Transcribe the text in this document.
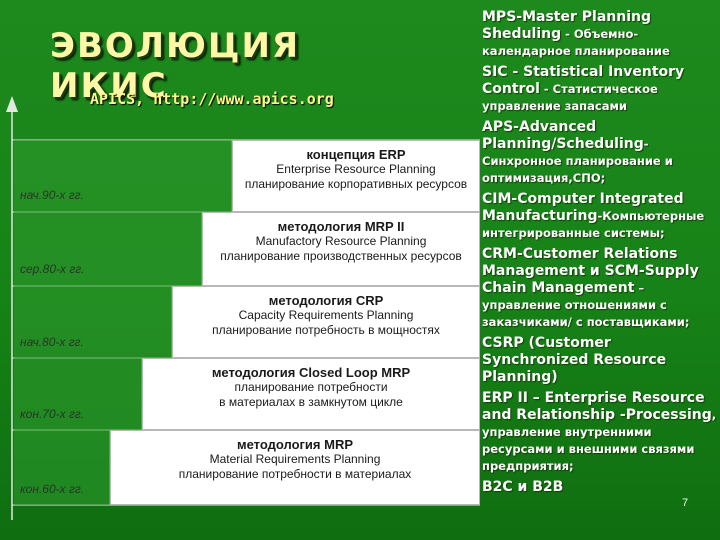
ЭВОЛЮЦИЯ ИКИС
APICS, http://www.apics.org
концепция ERP
Enterprise Resource Planning
планирование корпоративных ресурсов
методология MRP II
Manufactory Resource Planning
планирование производственных ресурсов
методология CRP
Capacity Requirements Planning
планирование потребность в мощностях
методология Closed Loop MRP
планирование потребности
в материалах в замкнутом цикле
методология MRP
Material Requirements Planning
планирование потребности в материалах
нач.90-х гг.
сер.80-х гг.
нач.80-х гг.
кон.70-х гг.
кон.60-х гг.
MPS-Master Planning Sheduling - Объемно-календарное планирование
SIC - Statistical Inventory Control - Статистическое управление запасами
APS-Advanced Planning/Scheduling-Синхронное планирование и оптимизация,СПО;
CIM-Computer Integrated Manufacturing-Компьютерные интегрированные системы;
CRM-Customer Relations Management и SCM-Supply Chain Management – управление отношениями с заказчиками/ с поставщиками;
CSRP (Customer Synchronized Resource Planning)
ERP II – Enterprise Resource and Relationship -Processing, управление внутренними ресурсами и внешними связями предприятия;
B2C и B2B
7
